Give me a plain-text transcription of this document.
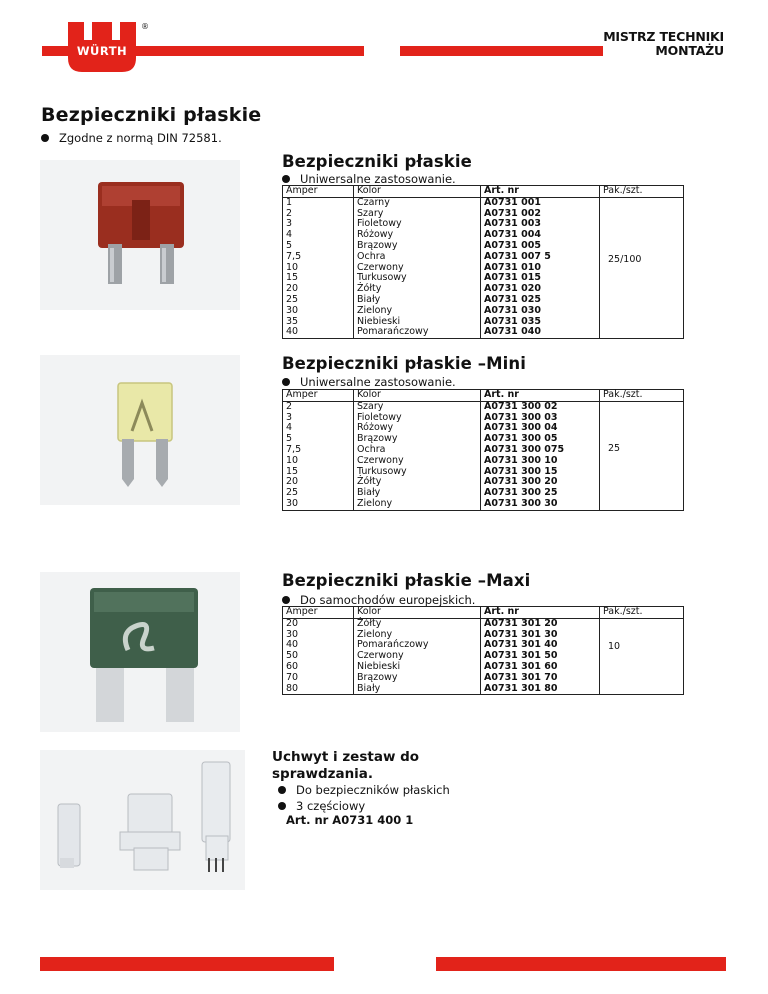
WÜRTH
®
MISTRZ TECHNIKI
MONTAŻU
Bezpieczniki płaskie
Zgodne z normą DIN 72581.
Bezpieczniki płaskie
Uniwersalne zastosowanie.
Amper	Kolor	Art. nr	Pak./szt.
1	Czarny	A0731 001	
2	Szary	A0731 002	
3	Fioletowy	A0731 003	
4	Różowy	A0731 004	
5	Brązowy	A0731 005	
7,5	Ochra	A0731 007 5	
10	Czerwony	A0731 010	
15	Turkusowy	A0731 015	
20	Żółty	A0731 020	
25	Biały	A0731 025	
30	Zielony	A0731 030	
35	Niebieski	A0731 035	
40	Pomarańczowy	A0731 040	
25/100
Bezpieczniki płaskie –Mini
Uniwersalne zastosowanie.
Amper	Kolor	Art. nr	Pak./szt.
2	Szary	A0731 300 02	
3	Fioletowy	A0731 300 03	
4	Różowy	A0731 300 04	
5	Brązowy	A0731 300 05	
7,5	Ochra	A0731 300 075	
10	Czerwony	A0731 300 10	
15	Turkusowy	A0731 300 15	
20	Żółty	A0731 300 20	
25	Biały	A0731 300 25	
30	Zielony	A0731 300 30	
25
Bezpieczniki płaskie –Maxi
Do samochodów europejskich.
Amper	Kolor	Art. nr	Pak./szt.
20	Żółty	A0731 301 20	
30	Zielony	A0731 301 30	
40	Pomarańczowy	A0731 301 40	
50	Czerwony	A0731 301 50	
60	Niebieski	A0731 301 60	
70	Brązowy	A0731 301 70	
80	Biały	A0731 301 80	
10
Uchwyt i zestaw do
sprawdzania.
Do bezpieczników płaskich
3 częściowy
Art. nr A0731 400 1
